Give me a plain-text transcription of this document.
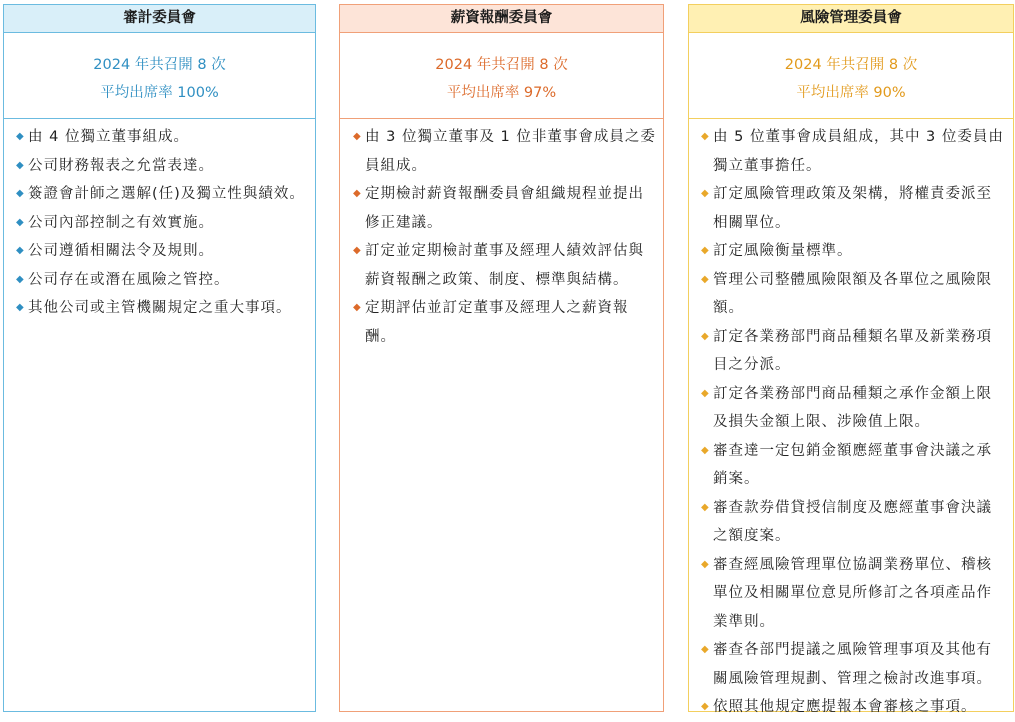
審計委員會
2024 年共召開 8 次
平均出席率 100%
◆ 由 4 位獨立董事組成。
◆ 公司財務報表之允當表達。
◆ 簽證會計師之選解(任)及獨立性與績效。
◆ 公司內部控制之有效實施。
◆ 公司遵循相關法令及規則。
◆ 公司存在或潛在風險之管控。
◆ 其他公司或主管機關規定之重大事項。
薪資報酬委員會
2024 年共召開 8 次
平均出席率 97%
◆ 由 3 位獨立董事及 1 位非董事會成員之委員組成。
◆ 定期檢討薪資報酬委員會組織規程並提出修正建議。
◆ 訂定並定期檢討董事及經理人績效評估與薪資報酬之政策、制度、標準與結構。
◆ 定期評估並訂定董事及經理人之薪資報酬。
風險管理委員會
2024 年共召開 8 次
平均出席率 90%
◆ 由 5 位董事會成員組成，其中 3 位委員由獨立董事擔任。
◆ 訂定風險管理政策及架構，將權責委派至相關單位。
◆ 訂定風險衡量標準。
◆ 管理公司整體風險限額及各單位之風險限額。
◆ 訂定各業務部門商品種類名單及新業務項目之分派。
◆ 訂定各業務部門商品種類之承作金額上限及損失金額上限、涉險值上限。
◆ 審查達一定包銷金額應經董事會決議之承銷案。
◆ 審查款券借貸授信制度及應經董事會決議之額度案。
◆ 審查經風險管理單位協調業務單位、稽核單位及相關單位意見所修訂之各項產品作業準則。
◆ 審查各部門提議之風險管理事項及其他有關風險管理規劃、管理之檢討改進事項。
◆ 依照其他規定應提報本會審核之事項。
